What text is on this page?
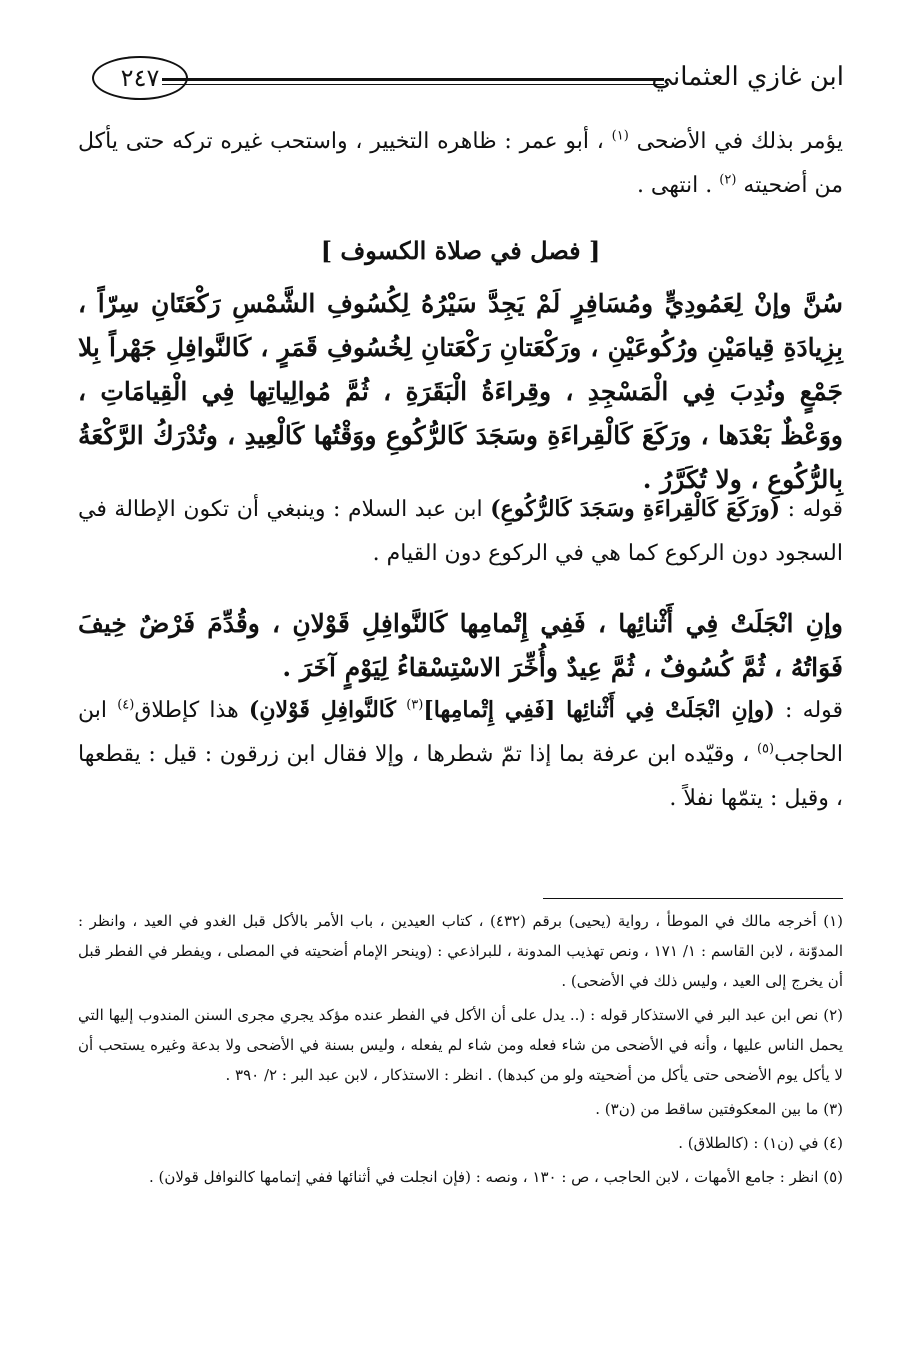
ابن غازي العثماني
٢٤٧
يؤمر بذلك في الأضحى $^{(١)}$ ، أبو عمر : ظاهره التخيير ، واستحب غيره تركه حتى يأكل من أضحيته $^{(٢)}$ . انتهى .
[ فصل في صلاة الكسوف ]
سُنَّ وإنْ لِعَمُودِيٍّ ومُسَافِرٍ لَمْ يَجِدَّ سَيْرُهُ لِكُسُوفِ الشَّمْسِ رَكْعَتَانِ سِرّاً ، بِزِيادَةِ قِيامَيْنِ ورُكُوعَيْنِ ، ورَكْعَتانِ رَكْعَتانِ لِخُسُوفِ قَمَرٍ ، كَالنَّوافِلِ جَهْراً بِلا جَمْعٍ ونُدِبَ فِي الْمَسْجِدِ ، وقِراءَةُ الْبَقَرَةِ ، ثُمَّ مُوالِياتِها فِي الْقِيامَاتِ ، ووَعْظٌ بَعْدَها ، ورَكَعَ كَالْقِراءَةِ وسَجَدَ كَالرُّكُوعِ ووَقْتُها كَالْعِيدِ ، وتُدْرَكُ الرَّكْعَةُ بِالرُّكُوعِ ، ولا تُكَرَّرُ .
قوله : (ورَكَعَ كَالْقِراءَةِ وسَجَدَ كَالرُّكُوعِ) ابن عبد السلام : وينبغي أن تكون الإطالة في السجود دون الركوع كما هي في الركوع دون القيام .
وإنِ انْجَلَتْ فِي أَثْنائِها ، فَفِي إِتْمامِها كَالنَّوافِلِ قَوْلانِ ، وقُدِّمَ فَرْضٌ خِيفَ فَوَاتُهُ ، ثُمَّ كُسُوفٌ ، ثُمَّ عِيدٌ وأُخِّرَ الاسْتِسْقاءُ لِيَوْمٍ آخَرَ .
قوله : (وإنِ انْجَلَتْ فِي أَثْنائِها [فَفِي إِتْمامِها]$^{(٣)}$ كَالنَّوافِلِ قَوْلانِ) هذا كإطلاق$^{(٤)}$ ابن الحاجب$^{(٥)}$ ، وقيّده ابن عرفة بما إذا تمّ شطرها ، وإلا فقال ابن زرقون : قيل : يقطعها ، وقيل : يتمّها نفلاً .

(١) أخرجه مالك في الموطأ ، رواية (يحيى) برقم (٤٣٢) ، كتاب العيدين ، باب الأمر بالأكل قبل الغدو في العيد ، وانظر : المدوّنة ، لابن القاسم : ١/ ١٧١ ، ونص تهذيب المدونة ، للبراذعي : (وينحر الإمام أضحيته في المصلى ، ويفطر في الفطر قبل أن يخرج إلى العيد ، وليس ذلك في الأضحى) .

(٢) نص ابن عبد البر في الاستذكار قوله : (.. يدل على أن الأكل في الفطر عنده مؤكد يجري مجرى السنن المندوب إليها التي يحمل الناس عليها ، وأنه في الأضحى من شاء فعله ومن شاء لم يفعله ، وليس بسنة في الأضحى ولا بدعة وغيره يستحب أن لا يأكل يوم الأضحى حتى يأكل من أضحيته ولو من كبدها) . انظر : الاستذكار ، لابن عبد البر : ٢/ ٣٩٠ .

(٣) ما بين المعكوفتين ساقط من (ن٣) .

(٤) في (ن١) : (كالطلاق) .

(٥) انظر : جامع الأمهات ، لابن الحاجب ، ص : ١٣٠ ، ونصه : (فإن انجلت في أثنائها ففي إتمامها كالنوافل قولان) .
